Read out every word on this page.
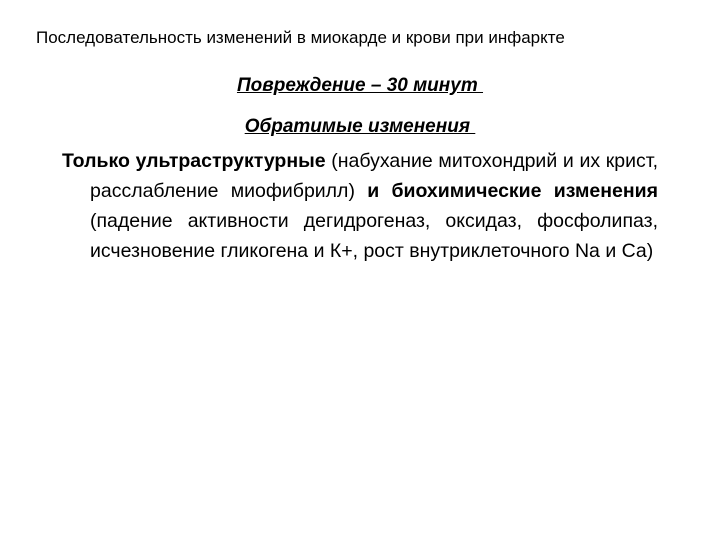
Последовательность изменений в миокарде и крови при инфаркте
Повреждение – 30 минут
Обратимые изменения
Только ультраструктурные (набухание митохондрий и их крист, расслабление миофибрилл) и биохимические изменения (падение активности дегидрогеназ, оксидаз, фосфолипаз, исчезновение гликогена и К+, рост внутриклеточного Na и Са)
